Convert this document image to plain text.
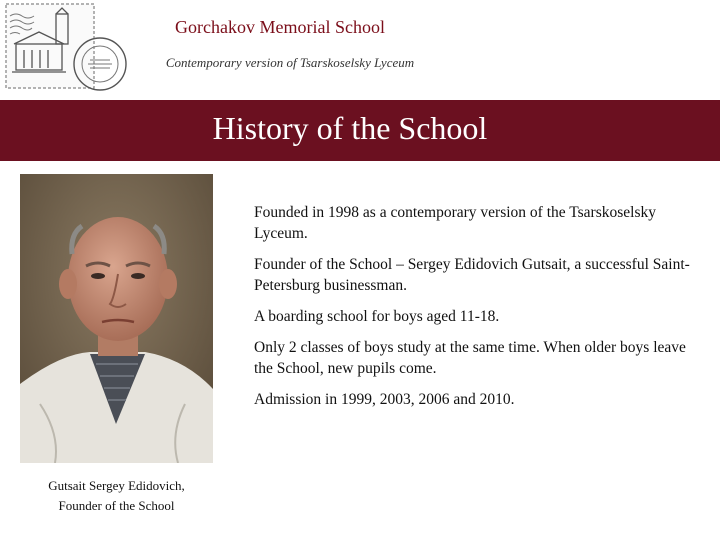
Gorchakov Memorial School
Contemporary version of Tsarskoselsky Lyceum
History of the School
Gutsait Sergey Edidovich,
Founder of the School

Founded in 1998 as a contemporary version of the Tsarskoselsky Lyceum.

Founder of the School – Sergey Edidovich Gutsait, a successful Saint-Petersburg businessman.

A boarding school for boys aged 11-18.

Only 2 classes of boys study at the same time. When older boys leave the School, new pupils come.

Admission in 1999, 2003, 2006 and 2010.
